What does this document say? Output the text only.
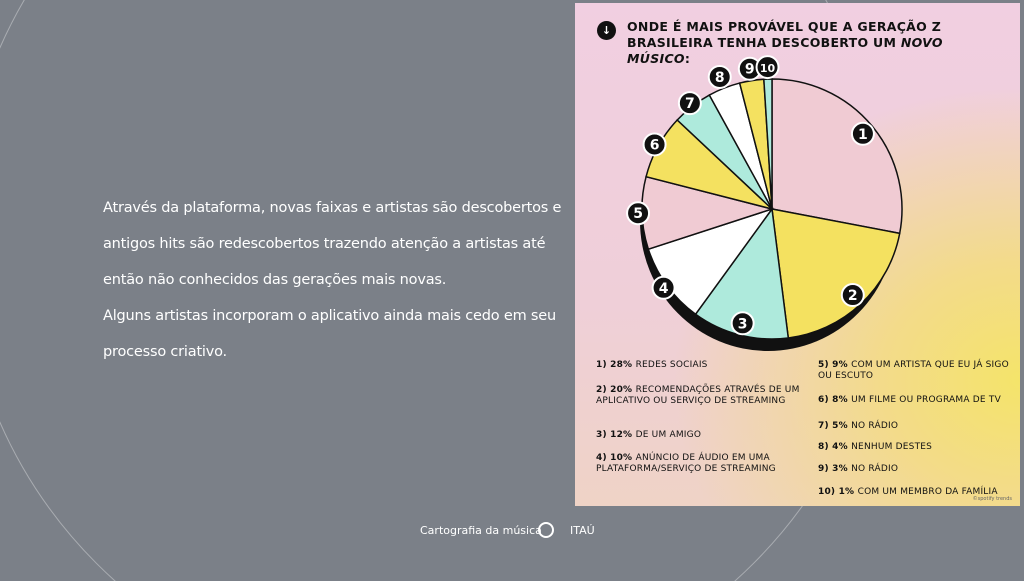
Através da plataforma, novas faixas e artistas são descobertos e antigos hits são redescobertos trazendo atenção a artistas até então não conhecidos das gerações mais novas.

Alguns artistas incorporam o aplicativo ainda mais cedo em seu processo criativo.

1
2
3
4
5
6
7
8
9 10
↓	ONDE É MAIS PROVÁVEL QUE A GERAÇÃO Z BRASILEIRA TENHA DESCOBERTO UM NOVO MÚSICO:
1) 28% REDES SOCIAIS
2) 20% RECOMENDAÇÕES ATRAVÉS DE UM APLICATIVO OU SERVIÇO DE STREAMING
3) 12% DE UM AMIGO
4) 10% ANÚNCIO DE ÁUDIO EM UMA PLATAFORMA/SERVIÇO DE STREAMING
5) 9% COM UM ARTISTA QUE EU JÁ SIGO OU ESCUTO
6) 8% UM FILME OU PROGRAMA DE TV
7) 5% NO RÁDIO
8) 4% NENHUM DESTES
9) 3% NO RÁDIO
10) 1% COM UM MEMBRO DA FAMÍLIA
©spotify trends
Cartografia da música	ITAÚ
